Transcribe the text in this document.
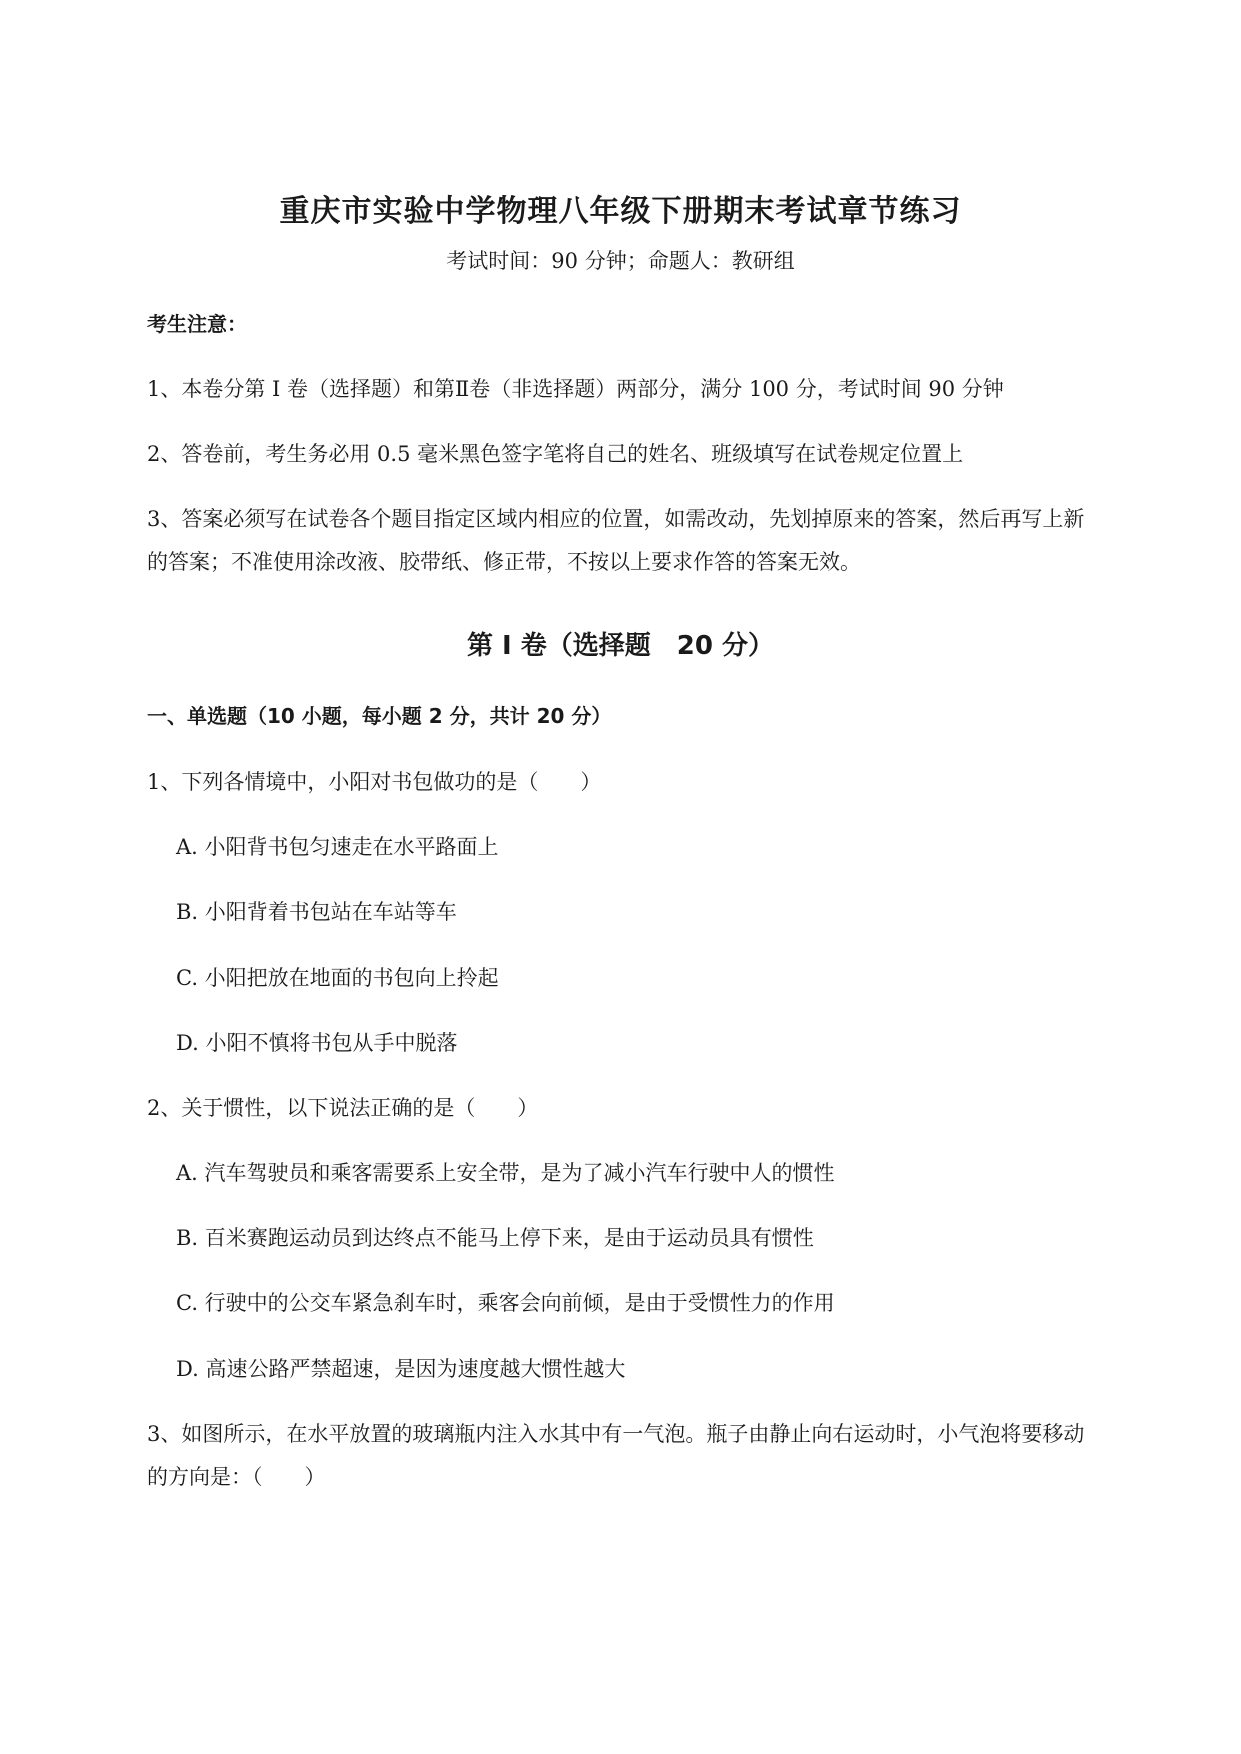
重庆市实验中学物理八年级下册期末考试章节练习
考试时间：90 分钟；命题人：教研组
考生注意：
1、本卷分第 I 卷（选择题）和第Ⅱ卷（非选择题）两部分，满分 100 分，考试时间 90 分钟
2、答卷前，考生务必用 0.5 毫米黑色签字笔将自己的姓名、班级填写在试卷规定位置上
3、答案必须写在试卷各个题目指定区域内相应的位置，如需改动，先划掉原来的答案，然后再写上新
的答案；不准使用涂改液、胶带纸、修正带，不按以上要求作答的答案无效。
第 I 卷（选择题　20 分）
一、单选题（10 小题，每小题 2 分，共计 20 分）
1、下列各情境中，小阳对书包做功的是（　　）
A. 小阳背书包匀速走在水平路面上
B. 小阳背着书包站在车站等车
C. 小阳把放在地面的书包向上拎起
D. 小阳不慎将书包从手中脱落
2、关于惯性，以下说法正确的是（　　）
A. 汽车驾驶员和乘客需要系上安全带，是为了减小汽车行驶中人的惯性
B. 百米赛跑运动员到达终点不能马上停下来，是由于运动员具有惯性
C. 行驶中的公交车紧急刹车时，乘客会向前倾，是由于受惯性力的作用
D. 高速公路严禁超速，是因为速度越大惯性越大
3、如图所示，在水平放置的玻璃瓶内注入水其中有一气泡。瓶子由静止向右运动时，小气泡将要移动
的方向是：（　　）
